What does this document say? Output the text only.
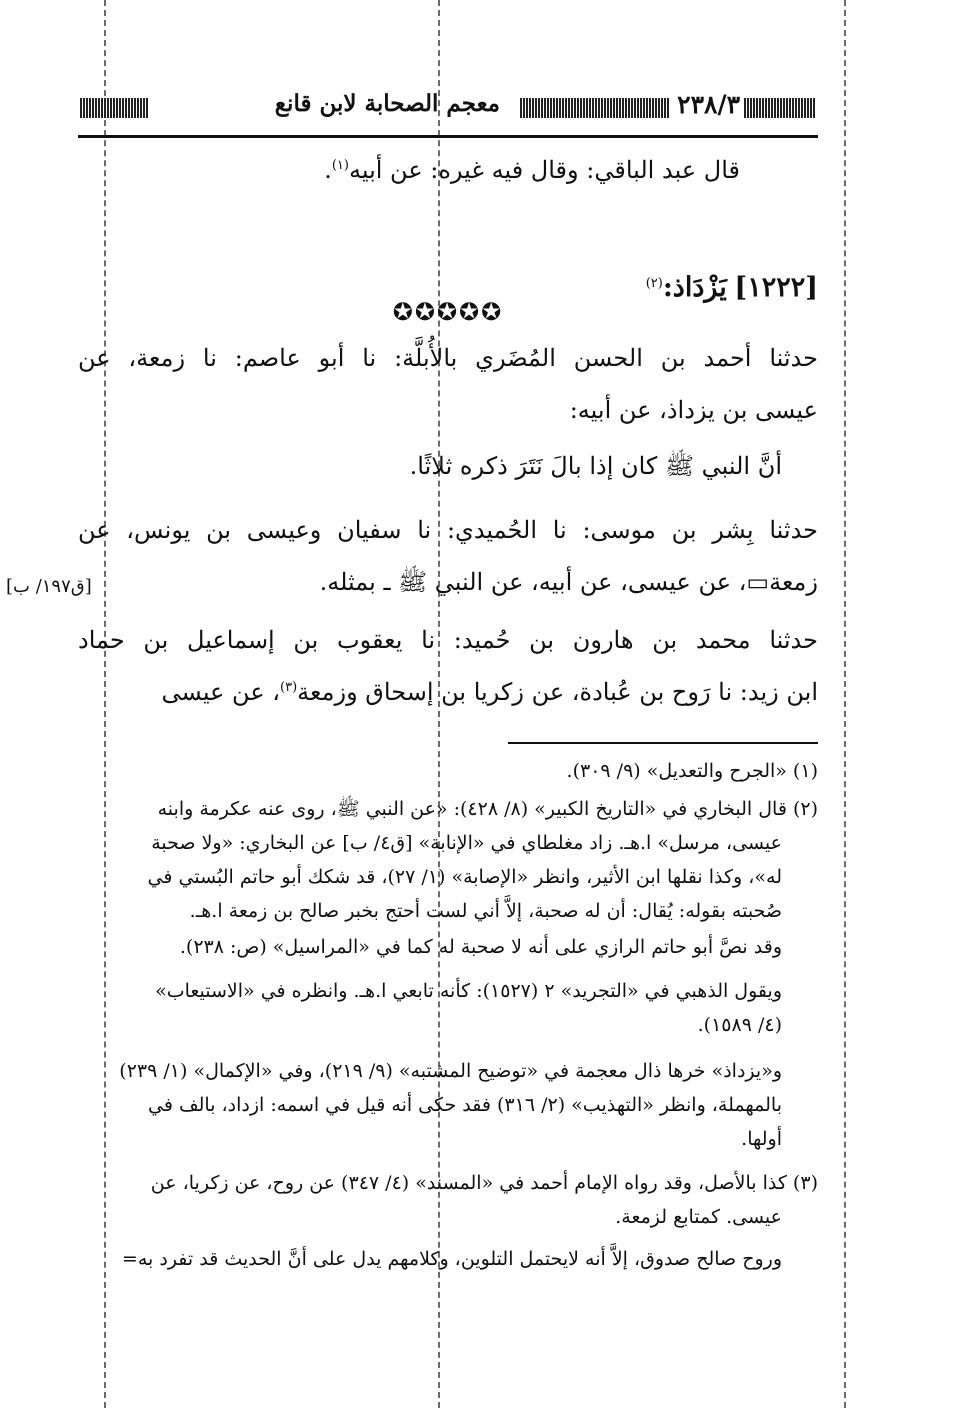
٢٣٨/٣
معجم الصحابة لابن قانع
قال عبد الباقي: وقال فيه غيره: عن أبيه$^{(١)}$.
✪✪✪✪✪
[١٢٢٢] يَزْدَاذ:$^{(٢)}$
حدثنا أحمد بن الحسن المُضَري بالأُبلَّة: نا أبو عاصم: نا زمعة، عن
عيسى بن يزداذ، عن أبيه:
أنَّ النبي ﷺ كان إذا بالَ نَتَرَ ذكره ثلاثًا.
حدثنا بِشر بن موسى: نا الحُميدي: نا سفيان وعيسى بن يونس، عن
زمعة▭، عن عيسى، عن أبيه، عن النبي ﷺ ـ بمثله.
حدثنا محمد بن هارون بن حُميد: نا يعقوب بن إسماعيل بن حماد
ابن زيد: نا رَوح بن عُبادة، عن زكريا بن إسحاق وزمعة$^{(٣)}$، عن عيسى
[ق١٩٧/ ب]
(١) «الجرح والتعديل» (٩/ ٣٠٩).
(٢) قال البخاري في «التاريخ الكبير» (٨/ ٤٢٨): «عن النبي ﷺ، روى عنه عكرمة وابنه
عيسى، مرسل» ا.هـ. زاد مغلطاي في «الإنابة» [ق٤/ ب] عن البخاري: «ولا صحبة
له»، وكذا نقلها ابن الأثير، وانظر «الإصابة» (١/ ٢٧)، قد شكك أبو حاتم البُستي في
صُحبته بقوله: يُقال: أن له صحبة، إلاَّ أني لست أحتج بخبر صالح بن زمعة ا.هـ.
وقد نصَّ أبو حاتم الرازي على أنه لا صحبة له كما في «المراسيل» (ص: ٢٣٨).
ويقول الذهبي في «التجريد» ٢ (١٥٢٧): كأنه تابعي ا.هـ. وانظره في «الاستيعاب»
(٤/ ١٥٨٩).
و«يزداذ» خرها ذال معجمة في «توضيح المشتبه» (٩/ ٢١٩)، وفي «الإكمال» (١/ ٢٣٩)
بالمهملة، وانظر «التهذيب» (٢/ ٣١٦) فقد حكى أنه قيل في اسمه: ازداد، بالف في
أولها.
(٣) كذا بالأصل، وقد رواه الإمام أحمد في «المسند» (٤/ ٣٤٧) عن روح، عن زكريا، عن
عيسى. كمتابع لزمعة.
وروح صالح صدوق، إلاَّ أنه لايحتمل التلوين، وكلامهم يدل على أنَّ الحديث قد تفرد به=
